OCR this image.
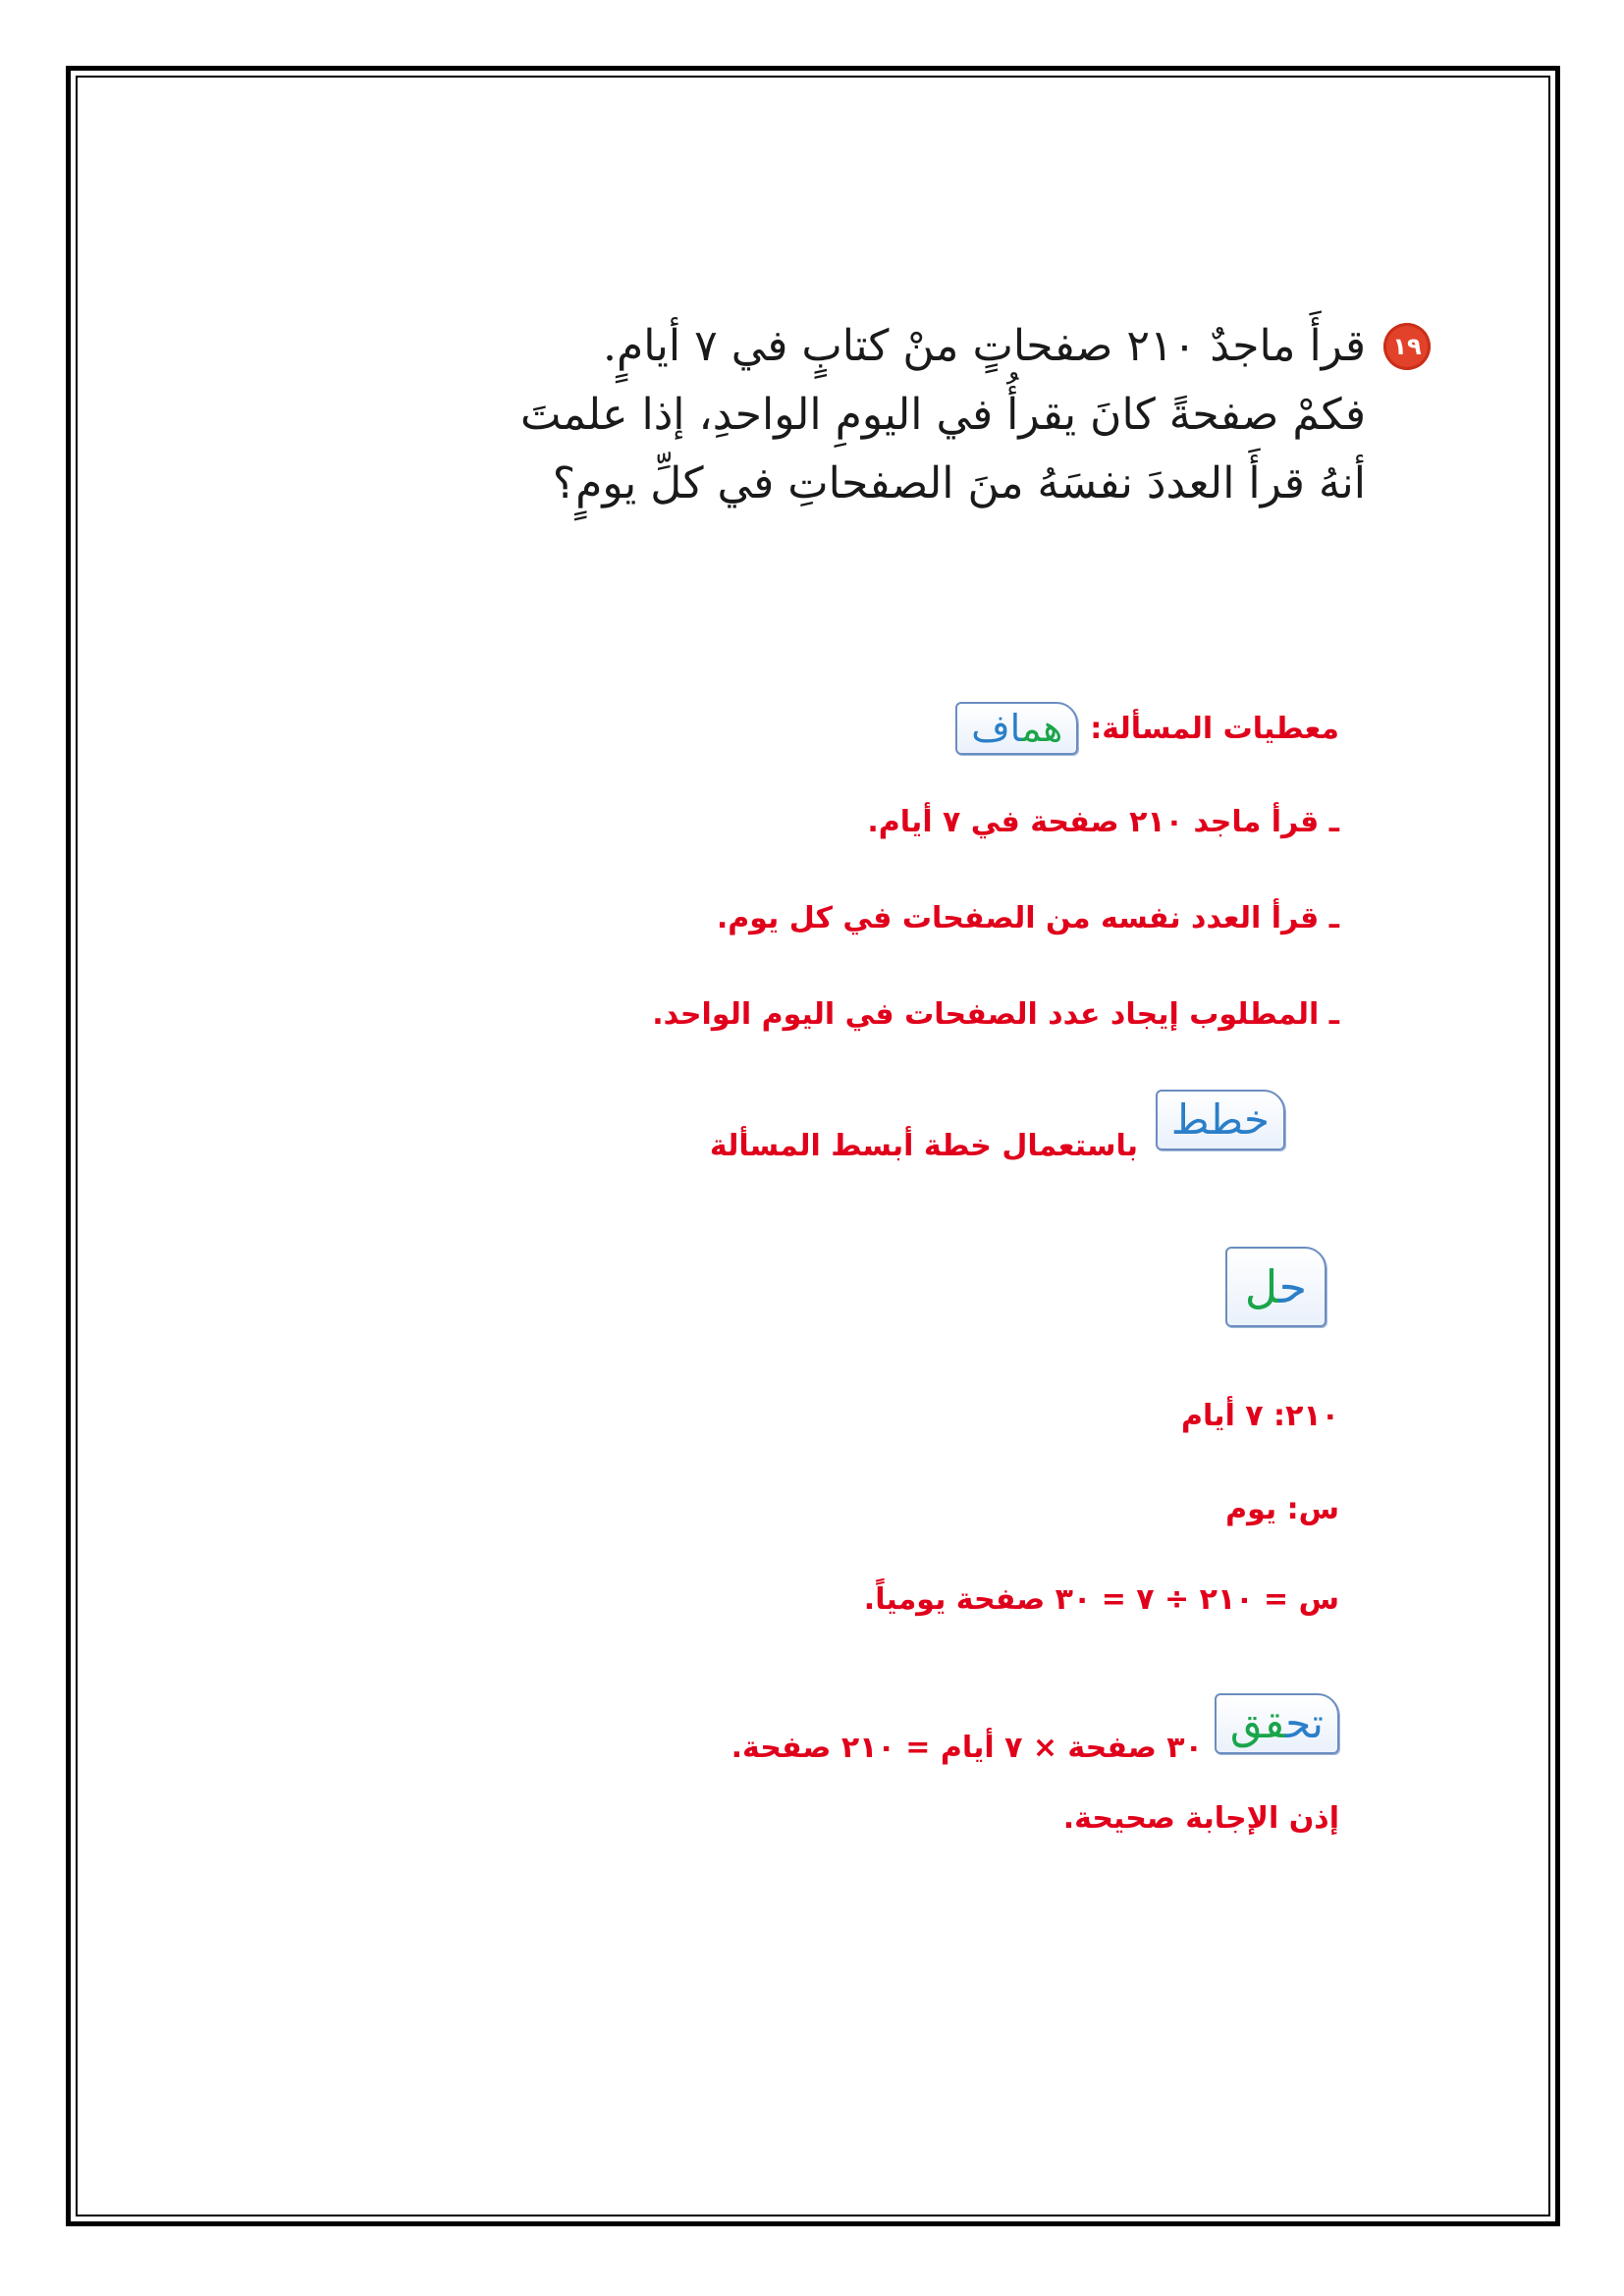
١٩
قرأَ ماجدٌ ٢١٠ صفحاتٍ منْ كتابٍ في ٧ أيامٍ.
فكمْ صفحةً كانَ يقرأُ في اليومِ الواحدِ، إذا علمتَ
أنهُ قرأَ العددَ نفسَهُ منَ الصفحاتِ في كلِّ يومٍ؟
معطيات المسألة:
هماف
ـ قرأ ماجد ٢١٠ صفحة في ٧ أيام.
ـ قرأ العدد نفسه من الصفحات في كل يوم.
ـ المطلوب إيجاد عدد الصفحات في اليوم الواحد.
خطط
باستعمال خطة أبسط المسألة
حل
٢١٠: ٧ أيام
س: يوم
س = ٢١٠ ÷ ٧ = ٣٠ صفحة يومياً.
تحقق
٣٠ صفحة × ٧ أيام = ٢١٠ صفحة.
إذن الإجابة صحيحة.
